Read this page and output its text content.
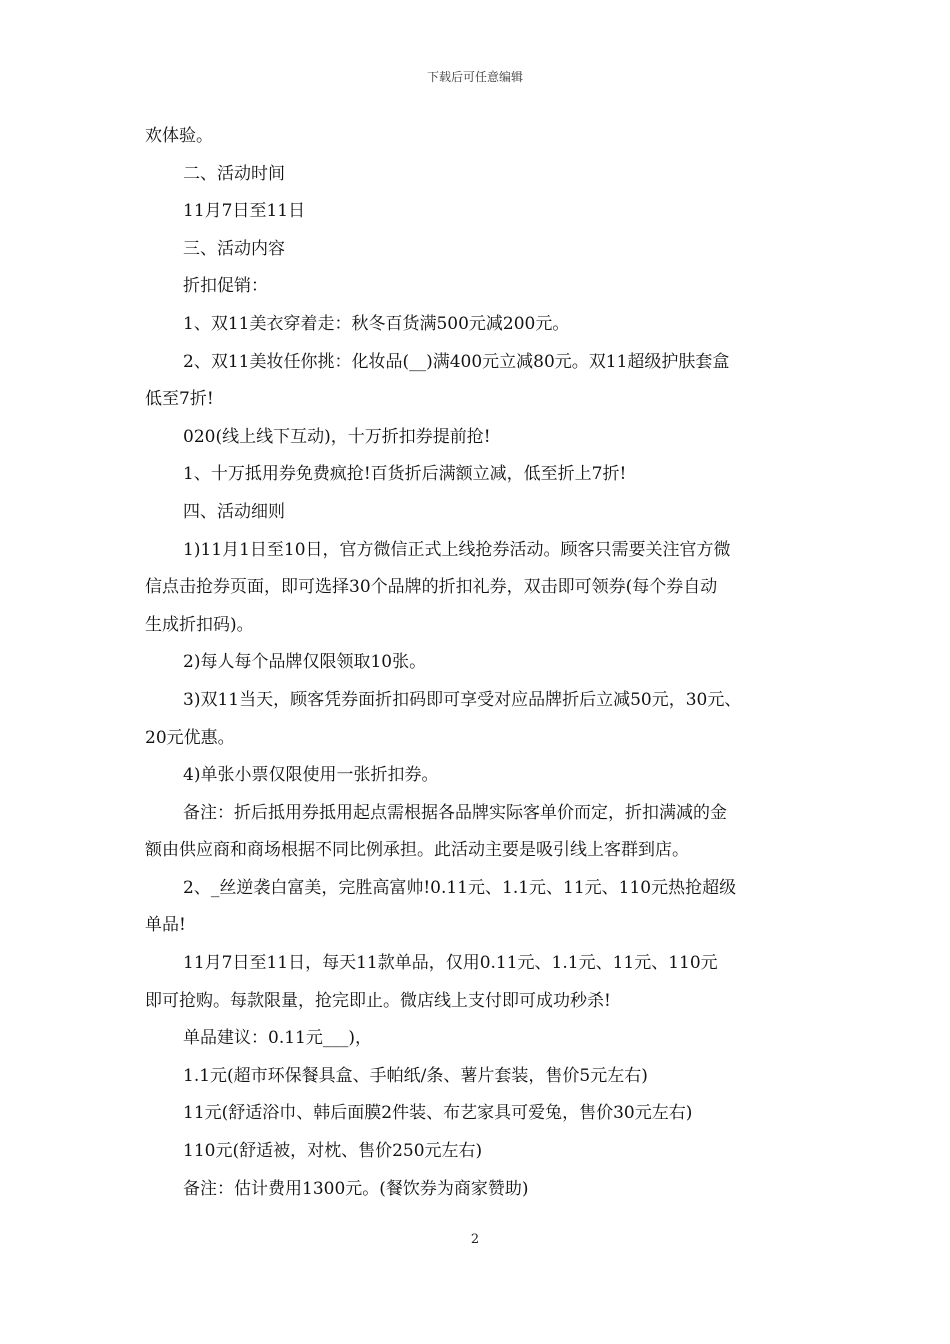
下载后可任意编辑
欢体验。
二、活动时间
11月7日至11日
三、活动内容
折扣促销：
1、双11美衣穿着走：秋冬百货满500元减200元。
2、双11美妆任你挑：化妆品(__)满400元立减80元。双11超级护肤套盒
低至7折!
020(线上线下互动)，十万折扣券提前抢!
1、十万抵用券免费疯抢!百货折后满额立减，低至折上7折!
四、活动细则
1)11月1日至10日，官方微信正式上线抢券活动。顾客只需要关注官方微
信点击抢券页面，即可选择30个品牌的折扣礼券，双击即可领券(每个券自动
生成折扣码)。
2)每人每个品牌仅限领取10张。
3)双11当天，顾客凭券面折扣码即可享受对应品牌折后立减50元，30元、
20元优惠。
4)单张小票仅限使用一张折扣券。
备注：折后抵用券抵用起点需根据各品牌实际客单价而定，折扣满减的金
额由供应商和商场根据不同比例承担。此活动主要是吸引线上客群到店。
2、_丝逆袭白富美，完胜高富帅!0.11元、1.1元、11元、110元热抢超级
单品!
11月7日至11日，每天11款单品，仅用0.11元、1.1元、11元、110元
即可抢购。每款限量，抢完即止。微店线上支付即可成功秒杀!
单品建议：0.11元___)，
1.1元(超市环保餐具盒、手帕纸/条、薯片套装，售价5元左右)
11元(舒适浴巾、韩后面膜2件装、布艺家具可爱兔，售价30元左右)
110元(舒适被，对枕、售价250元左右)
备注：估计费用1300元。(餐饮券为商家赞助)
2
